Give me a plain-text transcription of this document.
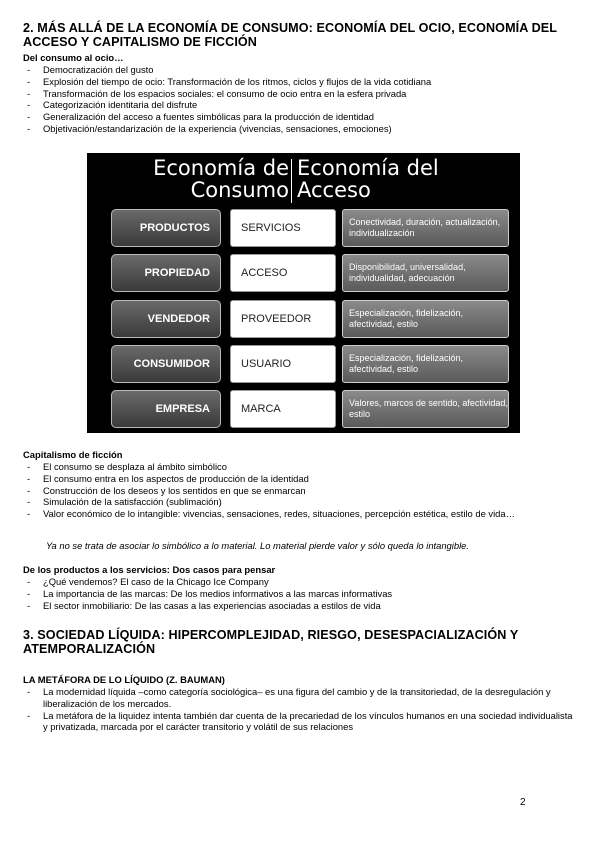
2. MÁS ALLÁ DE LA ECONOMÍA DE CONSUMO: ECONOMÍA DEL OCIO, ECONOMÍA DEL
ACCESO Y CAPITALISMO DE FICCIÓN
Del consumo al ocio…
- Democratización del gusto
- Explosión del tiempo de ocio: Transformación de los ritmos, ciclos y flujos de la vida cotidiana
- Transformación de los espacios sociales: el consumo de ocio entra en la esfera privada
- Categorización identitaria del disfrute
- Generalización del acceso a fuentes simbólicas para la producción de identidad
- Objetivación/estandarización de la experiencia (vivencias, sensaciones, emociones)
Economía de
Consumo
Economía del
Acceso
PRODUCTOS	SERVICIOS	Conectividad, duración, actualización, individualización
PROPIEDAD	ACCESO	Disponibilidad, universalidad, individualidad, adecuación
VENDEDOR	PROVEEDOR	Especialización, fidelización, afectividad, estilo
CONSUMIDOR	USUARIO	Especialización, fidelización, afectividad, estilo
EMPRESA	MARCA	Valores, marcos de sentido, afectividad, estilo
Capitalismo de ficción
- El consumo se desplaza al ámbito simbólico
- El consumo entra en los aspectos de producción de la identidad
- Construcción de los deseos y los sentidos en que se enmarcan
- Simulación de la satisfacción (sublimación)
- Valor económico de lo intangible: vivencias, sensaciones, redes, situaciones, percepción estética, estilo de vida…
Ya no se trata de asociar lo simbólico a lo material. Lo material pierde valor y sólo queda lo intangible.
De los productos a los servicios: Dos casos para pensar
- ¿Qué vendemos? El caso de la Chicago Ice Company
- La importancia de las marcas: De los medios informativos a las marcas informativas
- El sector inmobiliario: De las casas a las experiencias asociadas a estilos de vida
3. SOCIEDAD LÍQUIDA: HIPERCOMPLEJIDAD, RIESGO, DESESPACIALIZACIÓN Y
ATEMPORALIZACIÓN
LA METÁFORA DE LO LÍQUIDO (Z. BAUMAN)
- La modernidad líquida –como categoría sociológica– es una figura del cambio y de la transitoriedad, de la desregulación y liberalización de los mercados.
- La metáfora de la liquidez intenta también dar cuenta de la precariedad de los vínculos humanos en una sociedad individualista y privatizada, marcada por el carácter transitorio y volátil de sus relaciones
2
